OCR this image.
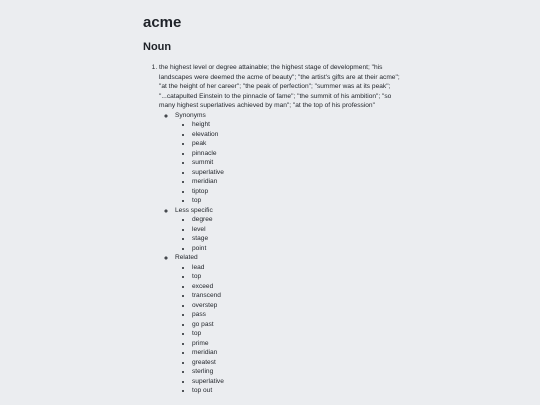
acme
Noun
1. the highest level or degree attainable; the highest stage of development; "his landscapes were deemed the acme of beauty"; "the artist's gifts are at their acme"; "at the height of her career"; "the peak of perfection"; "summer was at its peak"; "...catapulted Einstein to the pinnacle of fame"; "the summit of his ambition"; "so many highest superlatives achieved by man"; "at the top of his profession"
◦ Synonyms
• height
• elevation
• peak
• pinnacle
• summit
• superlative
• meridian
• tiptop
• top
◦ Less specific
• degree
• level
• stage
• point
◦ Related
• lead
• top
• exceed
• transcend
• overstep
• pass
• go past
• top
• prime
• meridian
• greatest
• sterling
• superlative
• top out
